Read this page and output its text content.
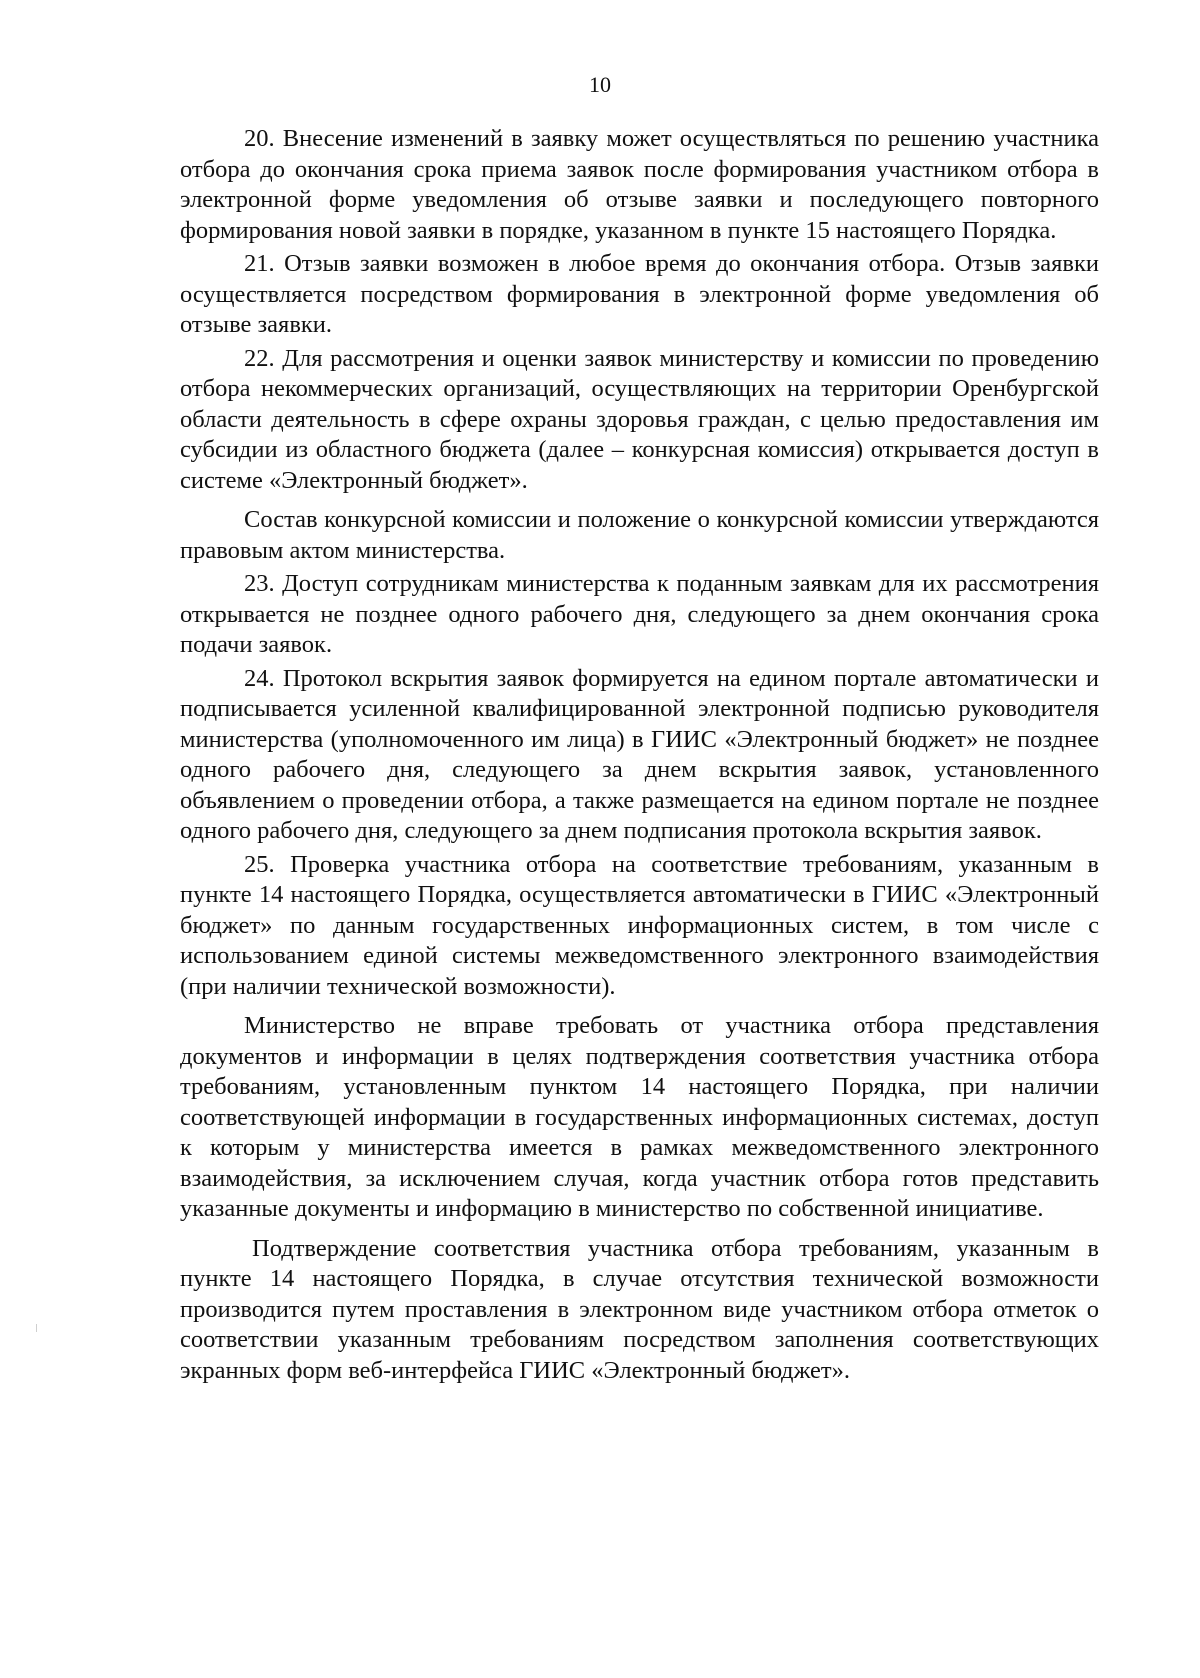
10

20. Внесение изменений в заявку может осуществляться по решению участника отбора до окончания срока приема заявок после формирования участником отбора в электронной форме уведомления об отзыве заявки и последующего повторного формирования новой заявки в порядке, указанном в пункте 15 настоящего Порядка.

21. Отзыв заявки возможен в любое время до окончания отбора. Отзыв заявки осуществляется посредством формирования в электронной форме уведомления об отзыве заявки.

22. Для рассмотрения и оценки заявок министерству и комиссии по проведению отбора некоммерческих организаций, осуществляющих на территории Оренбургской области деятельность в сфере охраны здоровья граждан, с целью предоставления им субсидии из областного бюджета (далее – конкурсная комиссия) открывается доступ в системе «Электронный бюджет».

Состав конкурсной комиссии и положение о конкурсной комиссии утверждаются правовым актом министерства.

23. Доступ сотрудникам министерства к поданным заявкам для их рассмотрения открывается не позднее одного рабочего дня, следующего за днем окончания срока подачи заявок.

24. Протокол вскрытия заявок формируется на едином портале автоматически и подписывается усиленной квалифицированной электронной подписью руководителя министерства (уполномоченного им лица) в ГИИС «Электронный бюджет» не позднее одного рабочего дня, следующего за днем вскрытия заявок, установленного объявлением о проведении отбора, а также размещается на едином портале не позднее одного рабочего дня, следующего за днем подписания протокола вскрытия заявок.

25. Проверка участника отбора на соответствие требованиям, указанным в пункте 14 настоящего Порядка, осуществляется автоматически в ГИИС «Электронный бюджет» по данным государственных информационных систем, в том числе с использованием единой системы межведомственного электронного взаимодействия (при наличии технической возможности).

Министерство не вправе требовать от участника отбора представления документов и информации в целях подтверждения соответствия участника отбора требованиям, установленным пунктом 14 настоящего Порядка, при наличии соответствующей информации в государственных информационных системах, доступ к которым у министерства имеется в рамках межведомственного электронного взаимодействия, за исключением случая, когда участник отбора готов представить указанные документы и информацию в министерство по собственной инициативе.

Подтверждение соответствия участника отбора требованиям, указанным в пункте 14 настоящего Порядка, в случае отсутствия технической возможности производится путем проставления в электронном виде участником отбора отметок о соответствии указанным требованиям посредством заполнения соответствующих экранных форм веб-интерфейса ГИИС «Электронный бюджет».
